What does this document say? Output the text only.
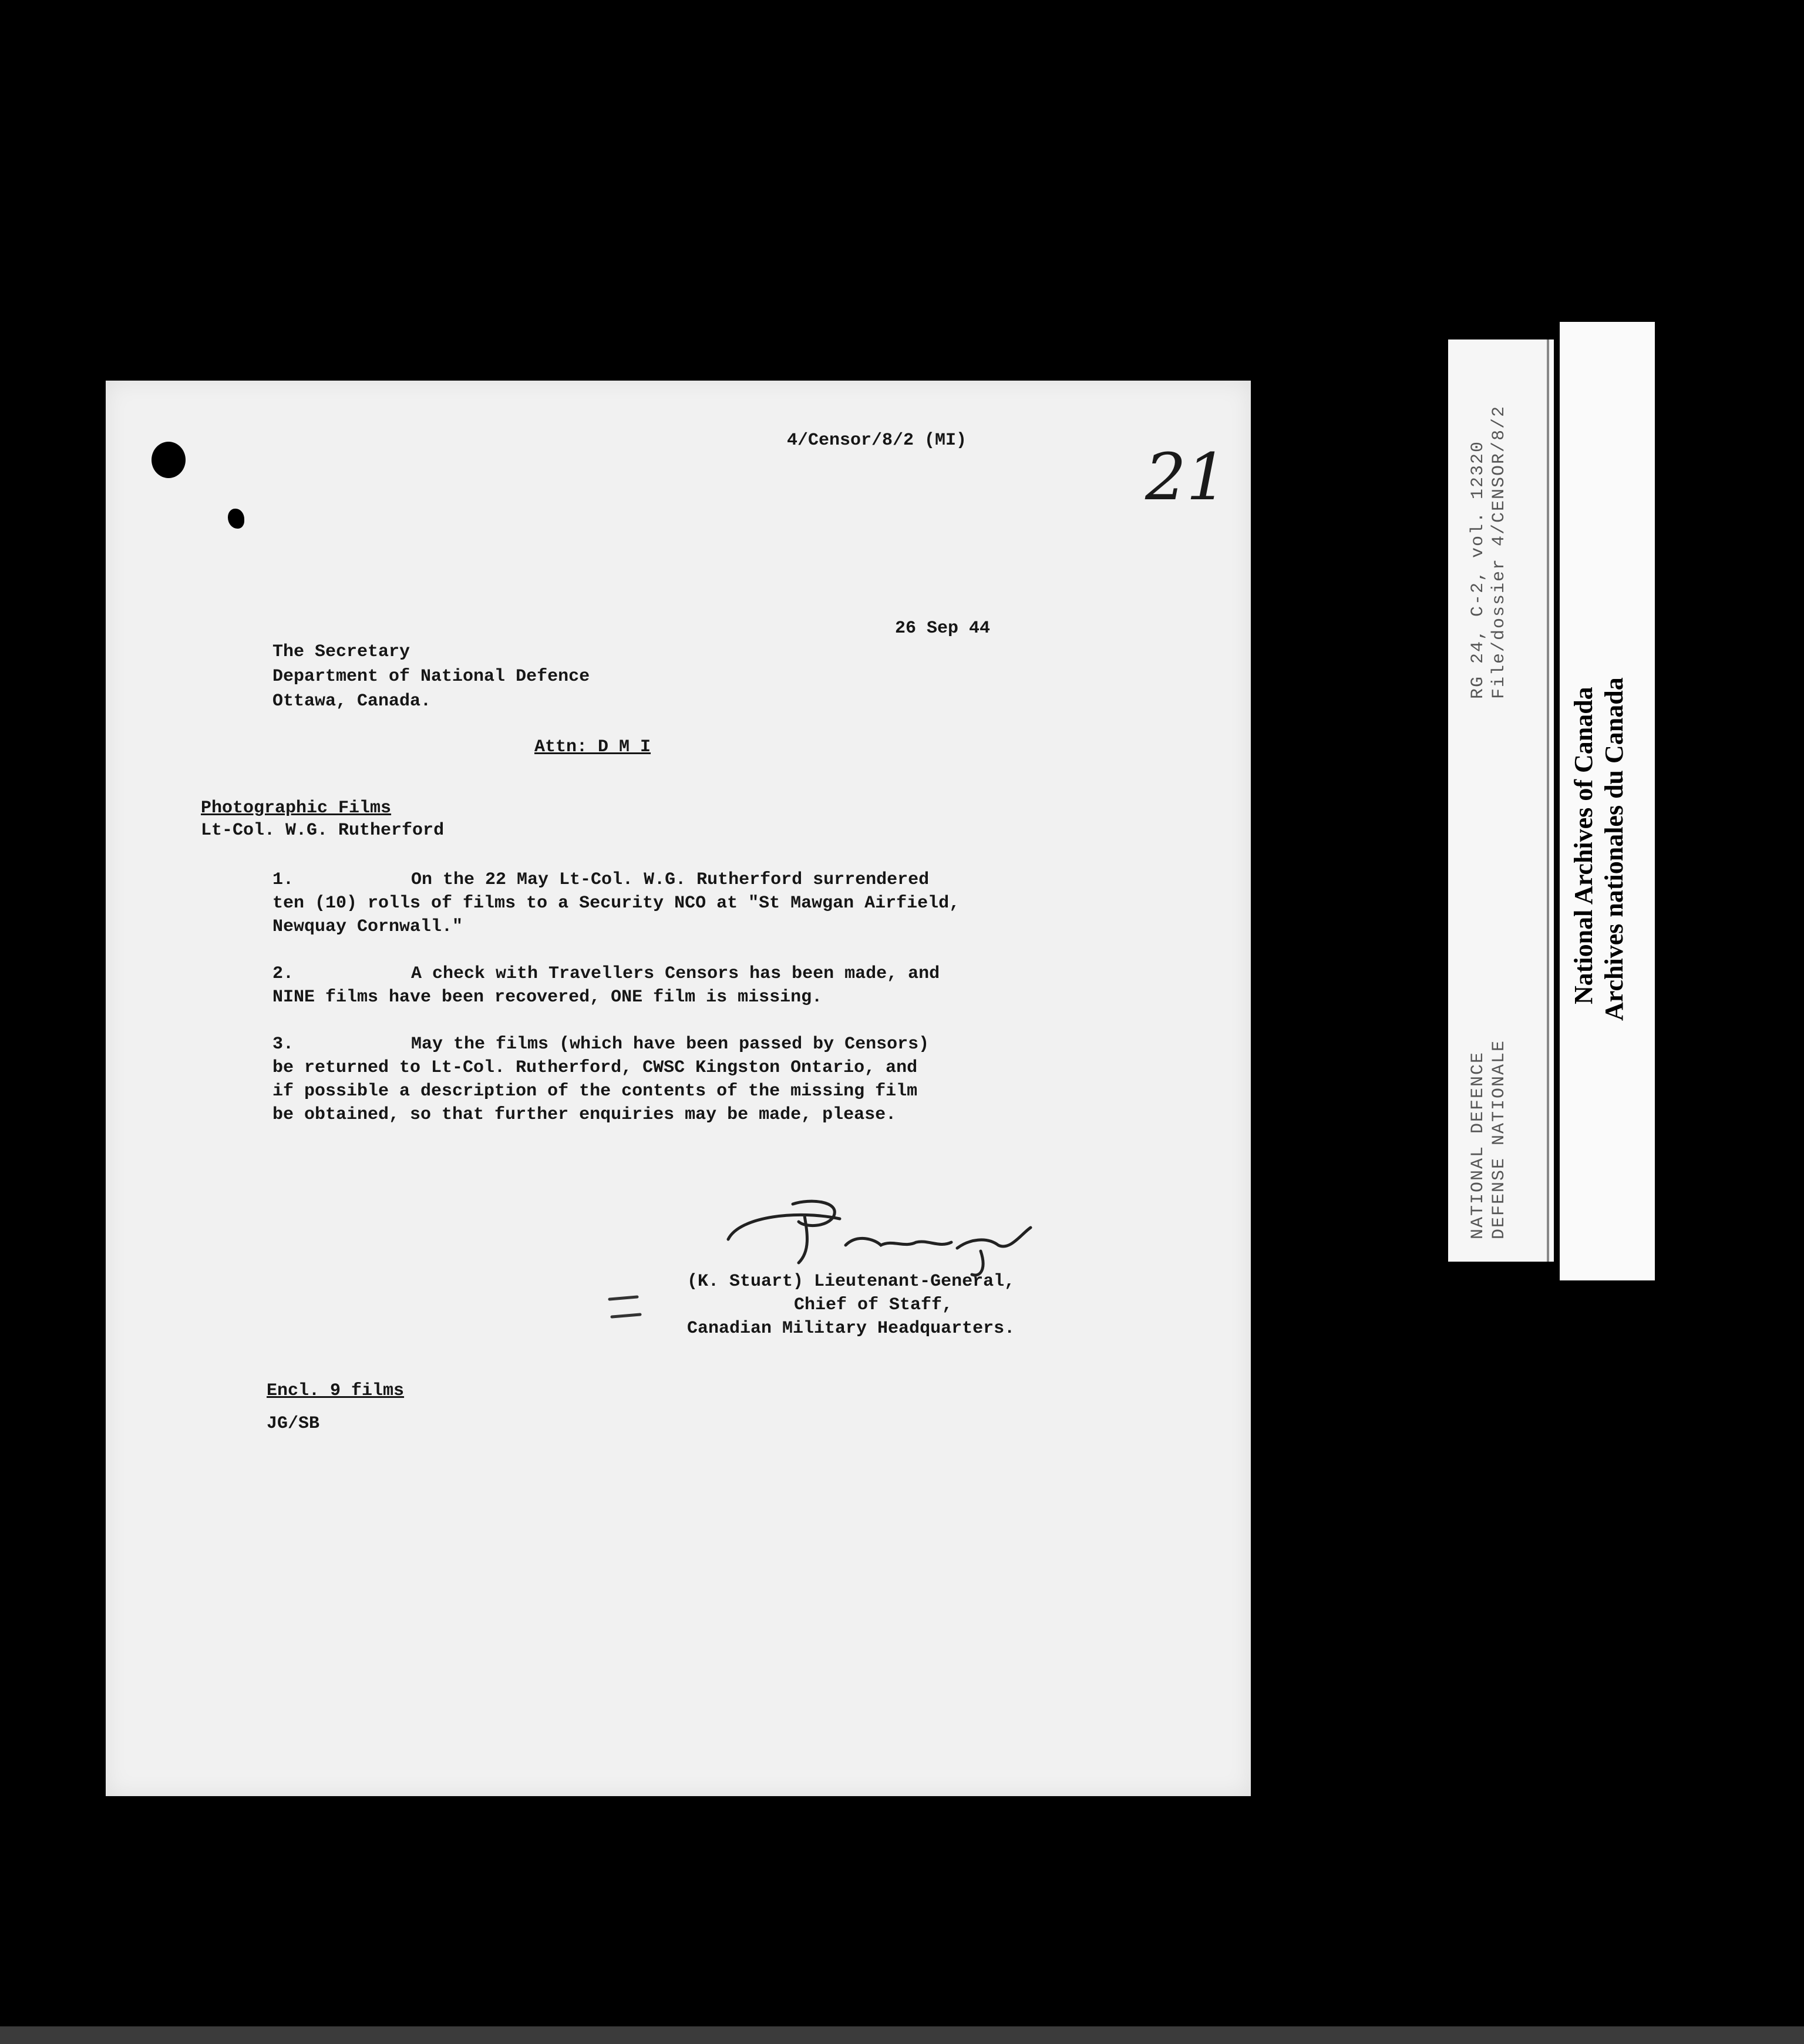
4/Censor/8/2 (MI)	21
26 Sep 44
The Secretary
Department of National Defence
Ottawa, Canada.
Attn: D M I
Photographic Films
Lt-Col. W.G. Rutherford
1.	On the 22 May Lt-Col. W.G. Rutherford surrendered
ten (10) rolls of films to a Security NCO at "St Mawgan Airfield,
Newquay Cornwall."
2.	A check with Travellers Censors has been made, and
NINE films have been recovered, ONE film is missing.
3.	May the films (which have been passed by Censors)
be returned to Lt-Col. Rutherford, CWSC Kingston Ontario, and
if possible a description of the contents of the missing film
be obtained, so that further enquiries may be made, please.
(K. Stuart) Lieutenant-General,
Chief of Staff,
Canadian Military Headquarters.
Encl. 9 films
JG/SB
RG 24, C-2, vol. 12320 File/dossier 4/CENSOR/8/2
NATIONAL DEFENCE DEFENSE NATIONALE
National Archives of Canada Archives nationales du Canada
